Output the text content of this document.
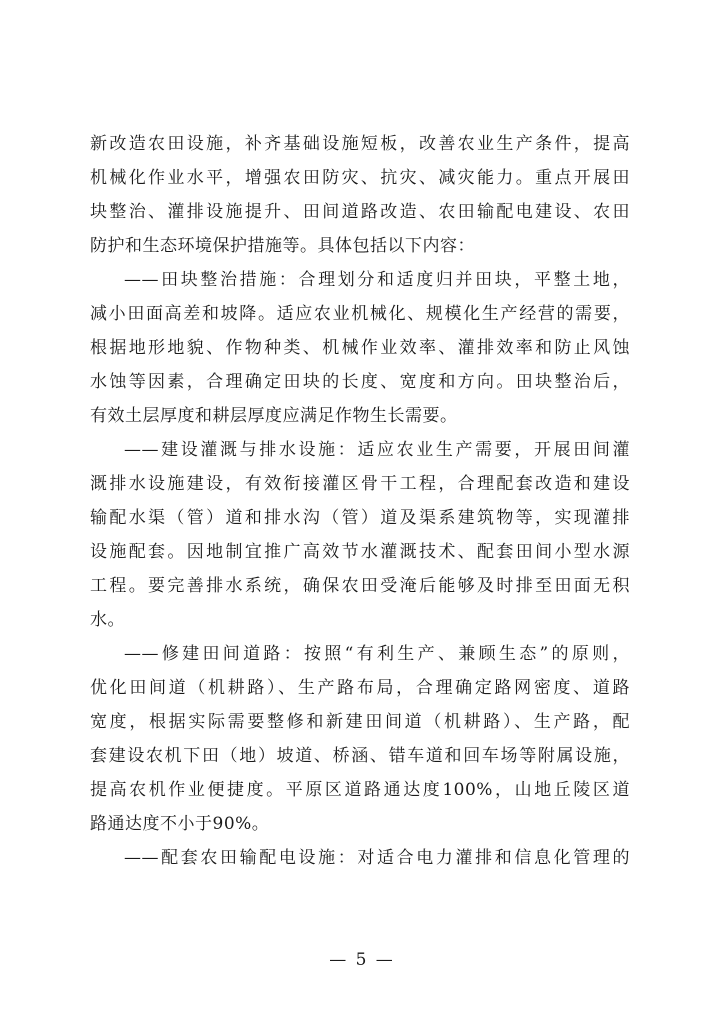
新改造农田设施，补齐基础设施短板，改善农业生产条件，提高
机械化作业水平，增强农田防灾、抗灾、减灾能力。重点开展田
块整治、灌排设施提升、田间道路改造、农田输配电建设、农田
防护和生态环境保护措施等。具体包括以下内容：
——田块整治措施：合理划分和适度归并田块，平整土地，
减小田面高差和坡降。适应农业机械化、规模化生产经营的需要，
根据地形地貌、作物种类、机械作业效率、灌排效率和防止风蚀
水蚀等因素，合理确定田块的长度、宽度和方向。田块整治后，
有效土层厚度和耕层厚度应满足作物生长需要。
——建设灌溉与排水设施：适应农业生产需要，开展田间灌
溉排水设施建设，有效衔接灌区骨干工程，合理配套改造和建设
输配水渠（管）道和排水沟（管）道及渠系建筑物等，实现灌排
设施配套。因地制宜推广高效节水灌溉技术、配套田间小型水源
工程。要完善排水系统，确保农田受淹后能够及时排至田面无积
水。
——修建田间道路：按照“有利生产、兼顾生态”的原则，
优化田间道（机耕路）、生产路布局，合理确定路网密度、道路
宽度，根据实际需要整修和新建田间道（机耕路）、生产路，配
套建设农机下田（地）坡道、桥涵、错车道和回车场等附属设施，
提高农机作业便捷度。平原区道路通达度100%，山地丘陵区道
路通达度不小于90%。
——配套农田输配电设施：对适合电力灌排和信息化管理的
— 5 —
